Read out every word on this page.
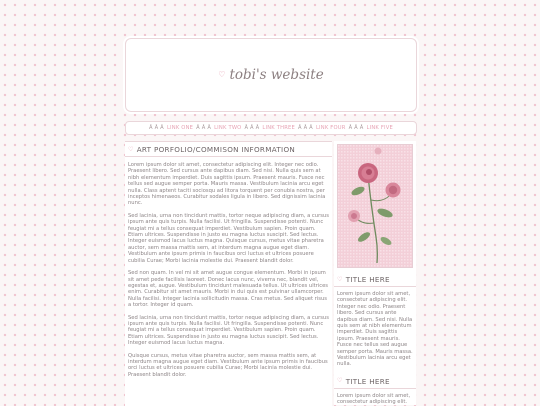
♡ tobi's website
Â Â Â LINK ONE Â Â Â LINK TWO Â Â Â LINK THREE Â Â Â LINK FOUR Â Â Â LINK FIVE
♡ ART PORFOLIO/COMMISON INFORMATION

Lorem ipsum dolor sit amet, consectetur adipiscing elit. Integer nec odio. Praesent libero. Sed cursus ante dapibus diam. Sed nisi. Nulla quis sem at nibh elementum imperdiet. Duis sagittis ipsum. Praesent mauris. Fusce nec tellus sed augue semper porta. Mauris massa. Vestibulum lacinia arcu eget nulla. Class aptent taciti sociosqu ad litora torquent per conubia nostra, per inceptos himenaeos. Curabitur sodales ligula in libero. Sed dignissim lacinia nunc.

Sed lacinia, urna non tincidunt mattis, tortor neque adipiscing diam, a cursus ipsum ante quis turpis. Nulla facilisi. Ut fringilla. Suspendisse potenti. Nunc feugiat mi a tellus consequat imperdiet. Vestibulum sapien. Proin quam. Etiam ultrices. Suspendisse in justo eu magna luctus suscipit. Sed lectus. Integer euismod lacus luctus magna. Quisque cursus, metus vitae pharetra auctor, sem massa mattis sem, at interdum magna augue eget diam. Vestibulum ante ipsum primis in faucibus orci luctus et ultrices posuere cubilia Curae; Morbi lacinia molestie dui. Praesent blandit dolor.

Sed non quam. In vel mi sit amet augue congue elementum. Morbi in ipsum sit amet pede facilisis laoreet. Donec lacus nunc, viverra nec, blandit vel, egestas et, augue. Vestibulum tincidunt malesuada tellus. Ut ultrices ultrices enim. Curabitur sit amet mauris. Morbi in dui quis est pulvinar ullamcorper. Nulla facilisi. Integer lacinia sollicitudin massa. Cras metus. Sed aliquet risus a tortor. Integer id quam.

Sed lacinia, urna non tincidunt mattis, tortor neque adipiscing diam, a cursus ipsum ante quis turpis. Nulla facilisi. Ut fringilla. Suspendisse potenti. Nunc feugiat mi a tellus consequat imperdiet. Vestibulum sapien. Proin quam. Etiam ultrices. Suspendisse in justo eu magna luctus suscipit. Sed lectus. Integer euismod lacus luctus magna.

Quisque cursus, metus vitae pharetra auctor, sem massa mattis sem, at interdum magna augue eget diam. Vestibulum ante ipsum primis in faucibus orci luctus et ultrices posuere cubilia Curae; Morbi lacinia molestie dui. Praesent blandit dolor.

♡ TITLE HERE

Lorem ipsum dolor sit amet, consectetur adipiscing elit. Integer nec odio. Praesent libero. Sed cursus ante dapibus diam. Sed nisi. Nulla quis sem at nibh elementum imperdiet. Duis sagittis ipsum. Praesent mauris. Fusce nec tellus sed augue semper porta. Mauris massa. Vestibulum lacinia arcu eget nulla.

♡ TITLE HERE

Lorem ipsum dolor sit amet, consectetur adipiscing elit.
